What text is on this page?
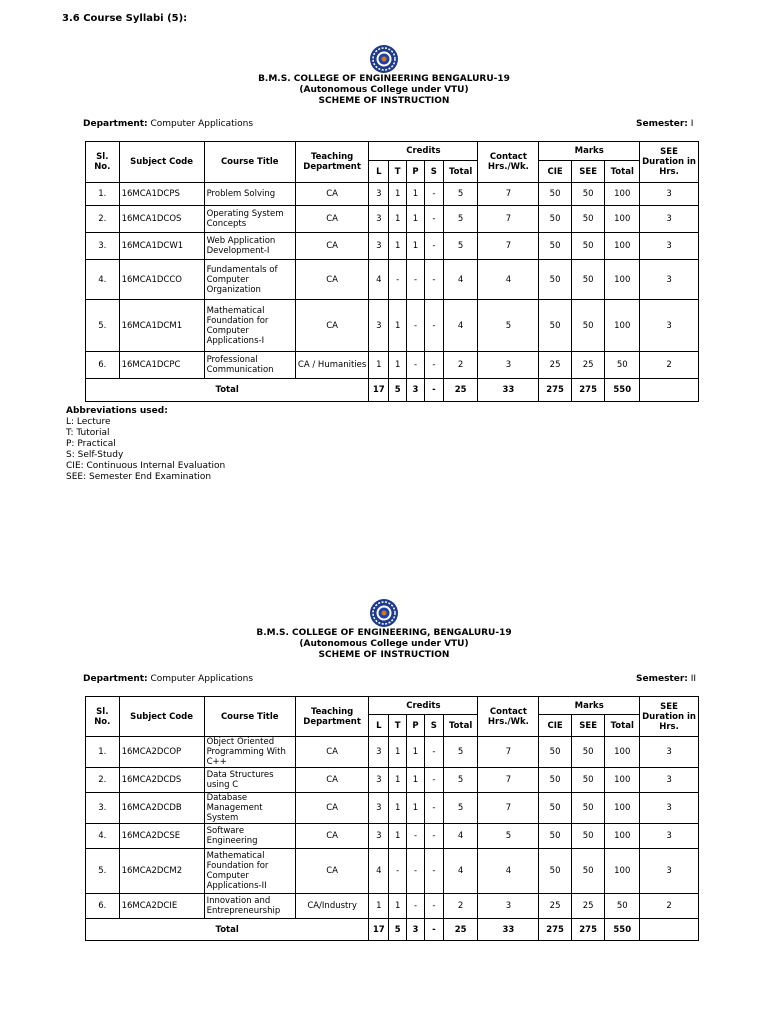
3.6 Course Syllabi (5):
B.M.S. COLLEGE OF ENGINEERING BENGALURU-19
(Autonomous College under VTU)
SCHEME OF INSTRUCTION
Department: Computer Applications	Semester: I
Sl. No.	Subject Code	Course Title	Teaching Department	Credits					Contact Hrs./Wk.	Marks			SEE Duration in Hrs.
				L	T	P	S	Total		CIE	SEE	Total	
1.	16MCA1DCPS	Problem Solving	CA	3	1	1	-	5	7	50	50	100	3
2.	16MCA1DCOS	Operating System Concepts	CA	3	1	1	-	5	7	50	50	100	3
3.	16MCA1DCW1	Web Application Development-I	CA	3	1	1	-	5	7	50	50	100	3
4.	16MCA1DCCO	Fundamentals of Computer Organization	CA	4	-	-	-	4	4	50	50	100	3
5.	16MCA1DCM1	Mathematical Foundation for Computer Applications-I	CA	3	1	-	-	4	5	50	50	100	3
6.	16MCA1DCPC	Professional Communication	CA / Humanities	1	1	-	-	2	3	25	25	50	2
Total				17	5	3	-	25	33	275	275	550	
Abbreviations used:
L: Lecture
T: Tutorial
P: Practical
S: Self-Study
CIE: Continuous Internal Evaluation
SEE: Semester End Examination
B.M.S. COLLEGE OF ENGINEERING, BENGALURU-19
(Autonomous College under VTU)
SCHEME OF INSTRUCTION
Department: Computer Applications	Semester: II
Sl. No.	Subject Code	Course Title	Teaching Department	Credits					Contact Hrs./Wk.	Marks			SEE Duration in Hrs.
				L	T	P	S	Total		CIE	SEE	Total	
1.	16MCA2DCOP	Object Oriented Programming With C++	CA	3	1	1	-	5	7	50	50	100	3
2.	16MCA2DCDS	Data Structures using C	CA	3	1	1	-	5	7	50	50	100	3
3.	16MCA2DCDB	Database Management System	CA	3	1	1	-	5	7	50	50	100	3
4.	16MCA2DCSE	Software Engineering	CA	3	1	-	-	4	5	50	50	100	3
5.	16MCA2DCM2	Mathematical Foundation for Computer Applications-II	CA	4	-	-	-	4	4	50	50	100	3
6.	16MCA2DCIE	Innovation and Entrepreneurship	CA/Industry	1	1	-	-	2	3	25	25	50	2
Total				17	5	3	-	25	33	275	275	550	
